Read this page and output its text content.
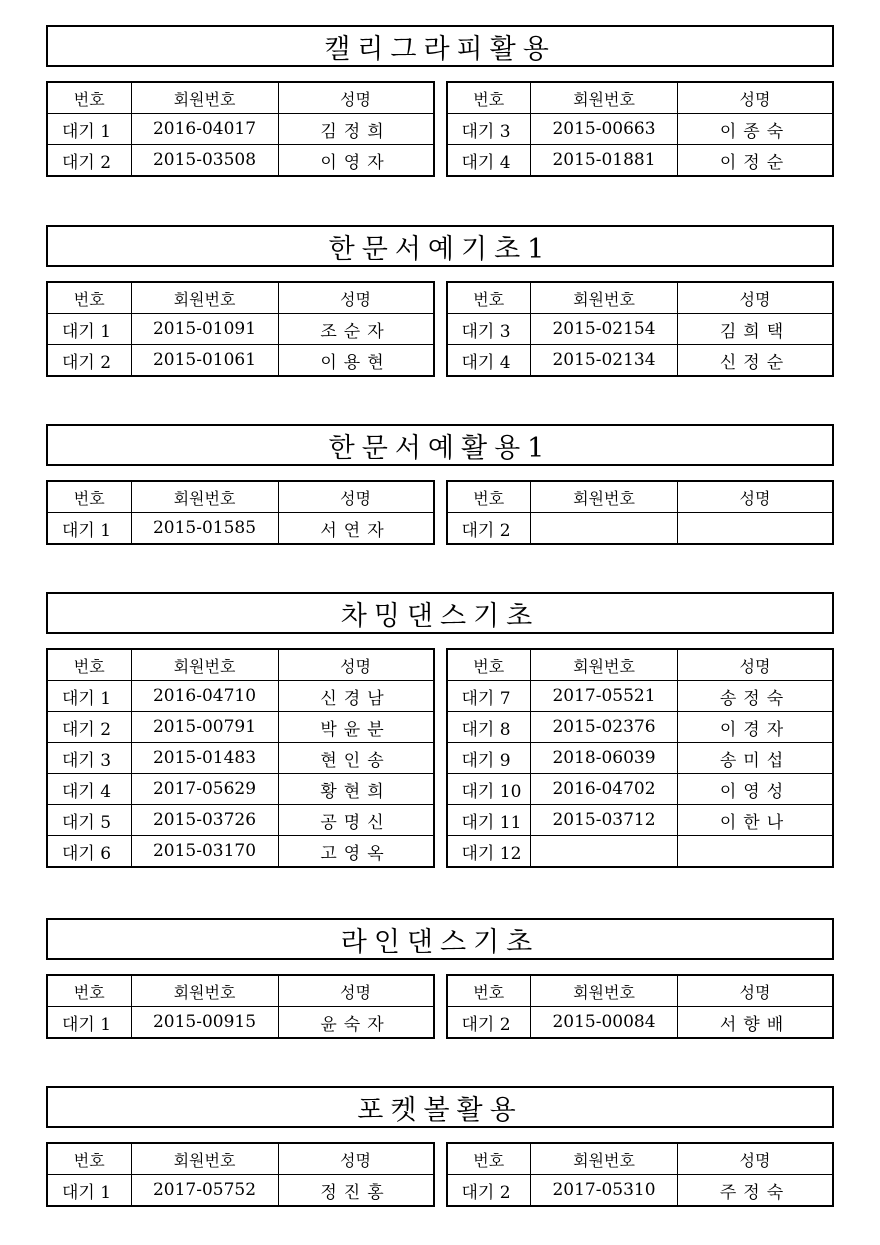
캘리그라피활용
번호	회원번호	성명
대기 1	2016-04017	김정희
대기 2	2015-03508	이영자
번호	회원번호	성명
대기 3	2015-00663	이종숙
대기 4	2015-01881	이정순
한문서예기초1
번호	회원번호	성명
대기 1	2015-01091	조순자
대기 2	2015-01061	이용현
번호	회원번호	성명
대기 3	2015-02154	김희택
대기 4	2015-02134	신정순
한문서예활용1
번호	회원번호	성명
대기 1	2015-01585	서연자
번호	회원번호	성명
대기 2		
차밍댄스기초
번호	회원번호	성명
대기 1	2016-04710	신경남
대기 2	2015-00791	박윤분
대기 3	2015-01483	현인송
대기 4	2017-05629	황현희
대기 5	2015-03726	공명신
대기 6	2015-03170	고영옥
번호	회원번호	성명
대기 7	2017-05521	송정숙
대기 8	2015-02376	이경자
대기 9	2018-06039	송미섭
대기 10	2016-04702	이영성
대기 11	2015-03712	이한나
대기 12		
라인댄스기초
번호	회원번호	성명
대기 1	2015-00915	윤숙자
번호	회원번호	성명
대기 2	2015-00084	서향배
포켓볼활용
번호	회원번호	성명
대기 1	2017-05752	정진홍
번호	회원번호	성명
대기 2	2017-05310	주정숙
